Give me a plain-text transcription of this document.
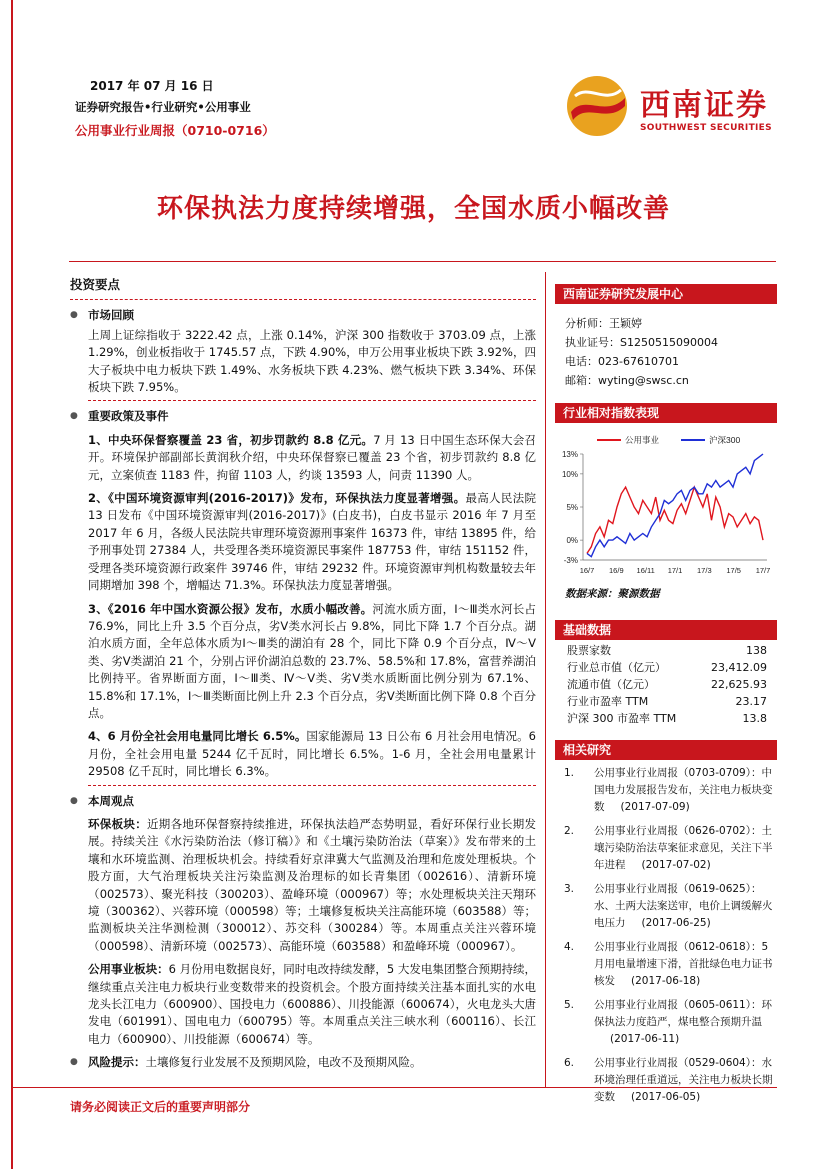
2017 年 07 月 16 日
证券研究报告•行业研究•公用事业
公用事业行业周报（0710-0716）
西南证券
SOUTHWEST SECURITIES
环保执法力度持续增强，全国水质小幅改善
投资要点
● 市场回顾
上周上证综指收于 3222.42 点，上涨 0.14%，沪深 300 指数收于 3703.09 点，上涨 1.29%，创业板指收于 1745.57 点，下跌 4.90%，申万公用事业板块下跌 3.92%，四大子板块中电力板块下跌 1.49%、水务板块下跌 4.23%、燃气板块下跌 3.34%、环保板块下跌 7.95%。
● 重要政策及事件
1、中央环保督察覆盖 23 省，初步罚款约 8.8 亿元。7 月 13 日中国生态环保大会召开。环境保护部副部长黄润秋介绍，中央环保督察已覆盖 23 个省，初步罚款约 8.8 亿元，立案侦查 1183 件，拘留 1103 人，约谈 13593 人，问责 11390 人。
2、《中国环境资源审判(2016-2017)》发布，环保执法力度显著增强。最高人民法院 13 日发布《中国环境资源审判(2016-2017)》(白皮书)，白皮书显示 2016 年 7 月至 2017 年 6 月，各级人民法院共审理环境资源刑事案件 16373 件，审结 13895 件，给予刑事处罚 27384 人，共受理各类环境资源民事案件 187753 件，审结 151152 件，受理各类环境资源行政案件 39746 件，审结 29232 件。环境资源审判机构数量较去年同期增加 398 个，增幅达 71.3%。环保执法力度显著增强。
3、《2016 年中国水资源公报》发布，水质小幅改善。河流水质方面，Ⅰ～Ⅲ类水河长占 76.9%，同比上升 3.5 个百分点，劣Ⅴ类水河长占 9.8%，同比下降 1.7 个百分点。湖泊水质方面，全年总体水质为Ⅰ～Ⅲ类的湖泊有 28 个，同比下降 0.9 个百分点，Ⅳ～Ⅴ类、劣Ⅴ类湖泊 21 个，分别占评价湖泊总数的 23.7%、58.5%和 17.8%，富营养湖泊比例持平。省界断面方面，Ⅰ～Ⅲ类、Ⅳ～Ⅴ类、劣Ⅴ类水质断面比例分别为 67.1%、15.8%和 17.1%，Ⅰ～Ⅲ类断面比例上升 2.3 个百分点，劣Ⅴ类断面比例下降 0.8 个百分点。
4、6 月份全社会用电量同比增长 6.5%。国家能源局 13 日公布 6 月社会用电情况。6 月份，全社会用电量 5244 亿千瓦时，同比增长 6.5%。1-6 月，全社会用电量累计 29508 亿千瓦时，同比增长 6.3%。
● 本周观点
环保板块：近期各地环保督察持续推进，环保执法趋严态势明显，看好环保行业长期发展。持续关注《水污染防治法（修订稿）》和《土壤污染防治法（草案）》发布带来的土壤和水环境监测、治理板块机会。持续看好京津冀大气监测及治理和危废处理板块。个股方面，大气治理板块关注污染监测及治理标的如长青集团（002616）、清新环境（002573）、聚光科技（300203）、盈峰环境（000967）等；水处理板块关注天翔环境（300362）、兴蓉环境（000598）等；土壤修复板块关注高能环境（603588）等；监测板块关注华测检测（300012）、苏交科（300284）等。本周重点关注兴蓉环境（000598）、清新环境（002573）、高能环境（603588）和盈峰环境（000967）。
公用事业板块：6 月份用电数据良好，同时电改持续发酵，5 大发电集团整合预期持续，继续重点关注电力板块行业变数带来的投资机会。个股方面持续关注基本面扎实的水电龙头长江电力（600900）、国投电力（600886）、川投能源（600674），火电龙头大唐发电（601991）、国电电力（600795）等。本周重点关注三峡水利（600116）、长江电力（600900）、川投能源（600674）等。
● 风险提示：土壤修复行业发展不及预期风险，电改不及预期风险。
西南证券研究发展中心
分析师：王颖婷
执业证号：S1250515090004
电话：023-67610701
邮箱：wyting@swsc.cn
行业相对指数表现
公用事业	沪深300
13%
10%
5%
0%
-3%
16/7 16/9 16/11 17/1 17/3 17/5 17/7
数据来源：聚源数据
基础数据
股票家数	138
行业总市值（亿元）	23,412.09
流通市值（亿元）	22,625.93
行业市盈率 TTM	23.17
沪深 300 市盈率 TTM	13.8
相关研究
1. 公用事业行业周报（0703-0709）：中国电力发展报告发布，关注电力板块变数 (2017-07-09)
2. 公用事业行业周报（0626-0702）：土壤污染防治法草案征求意见，关注下半年进程 (2017-07-02)
3. 公用事业行业周报（0619-0625）：水、土两大法案送审，电价上调缓解火电压力 (2017-06-25)
4. 公用事业行业周报（0612-0618）：5 月用电量增速下滑，首批绿色电力证书核发 (2017-06-18)
5. 公用事业行业周报（0605-0611）：环保执法力度趋严，煤电整合预期升温(2017-06-11)
6. 公用事业行业周报（0529-0604）：水环境治理任重道远，关注电力板块长期变数 (2017-06-05)
请务必阅读正文后的重要声明部分
